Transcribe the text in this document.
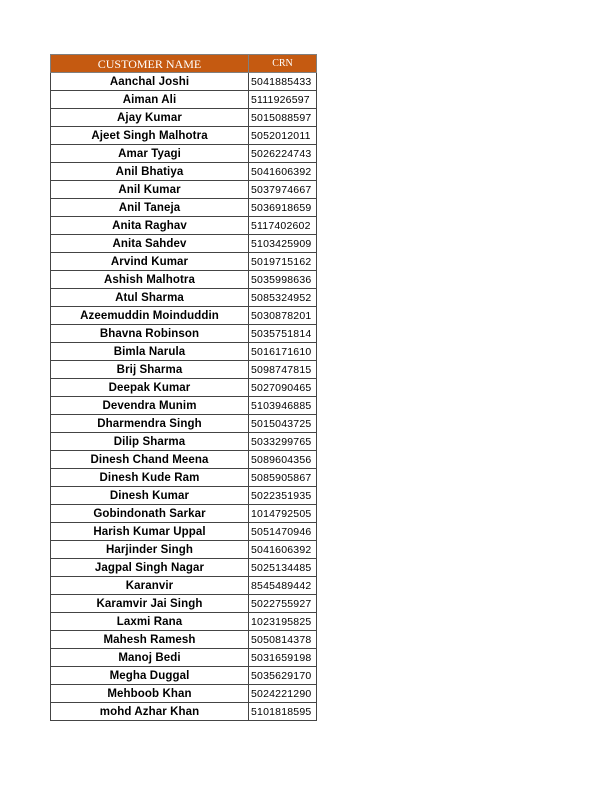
CUSTOMER NAME	CRN
Aanchal Joshi	5041885433
Aiman Ali	5111926597
Ajay Kumar	5015088597
Ajeet Singh Malhotra	5052012011
Amar Tyagi	5026224743
Anil Bhatiya	5041606392
Anil Kumar	5037974667
Anil Taneja	5036918659
Anita Raghav	5117402602
Anita Sahdev	5103425909
Arvind Kumar	5019715162
Ashish Malhotra	5035998636
Atul Sharma	5085324952
Azeemuddin Moinduddin	5030878201
Bhavna Robinson	5035751814
Bimla Narula	5016171610
Brij Sharma	5098747815
Deepak Kumar	5027090465
Devendra Munim	5103946885
Dharmendra Singh	5015043725
Dilip Sharma	5033299765
Dinesh Chand Meena	5089604356
Dinesh Kude Ram	5085905867
Dinesh Kumar	5022351935
Gobindonath Sarkar	1014792505
Harish Kumar Uppal	5051470946
Harjinder Singh	5041606392
Jagpal Singh Nagar	5025134485
Karanvir	8545489442
Karamvir Jai Singh	5022755927
Laxmi Rana	1023195825
Mahesh Ramesh	5050814378
Manoj Bedi	5031659198
Megha Duggal	5035629170
Mehboob Khan	5024221290
mohd Azhar Khan	5101818595
